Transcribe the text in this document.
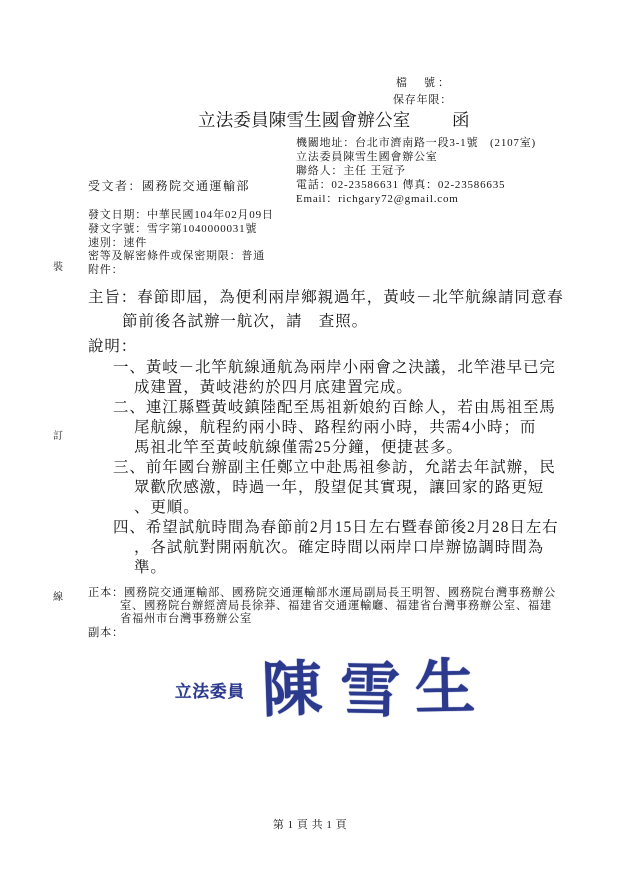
檔　號：
保存年限：
立法委員陳雪生國會辦公室 函
機關地址：台北市濟南路一段3-1號　(2107室)
立法委員陳雪生國會辦公室
聯絡人：主任 王冠予
電話：02-23586631 傳真：02-23586635
Email：richgary72@gmail.com
受文者：國務院交通運輸部
發文日期：中華民國104年02月09日
發文字號：雪字第1040000031號
速別：速件
密等及解密條件或保密期限：普通
附件：
裝
訂
線
主旨：春節即屆，為便利兩岸鄉親過年，黃岐－北竿航線請同意春
節前後各試辦一航次，請　查照。
說明：
一、黃岐－北竿航線通航為兩岸小兩會之決議，北竿港早已完
成建置，黃岐港約於四月底建置完成。
二、連江縣暨黃岐鎮陸配至馬祖新娘約百餘人，若由馬祖至馬
尾航線，航程約兩小時、路程約兩小時，共需4小時；而
馬祖北竿至黃岐航線僅需25分鐘，便捷甚多。
三、前年國台辦副主任鄭立中赴馬祖參訪，允諾去年試辦，民
眾歡欣感激，時過一年，殷望促其實現，讓回家的路更短
、更順。
四、希望試航時間為春節前2月15日左右暨春節後2月28日左右
，各試航對開兩航次。確定時間以兩岸口岸辦協調時間為
準。
正本：國務院交通運輸部、國務院交通運輸部水運局副局長王明智、國務院台灣事務辦公
室、國務院台辦經濟局長徐莽、福建省交通運輸廳、福建省台灣事務辦公室、福建
省福州市台灣事務辦公室
副本：
立法委員 陳 雪 生
第 1 頁 共 1 頁
